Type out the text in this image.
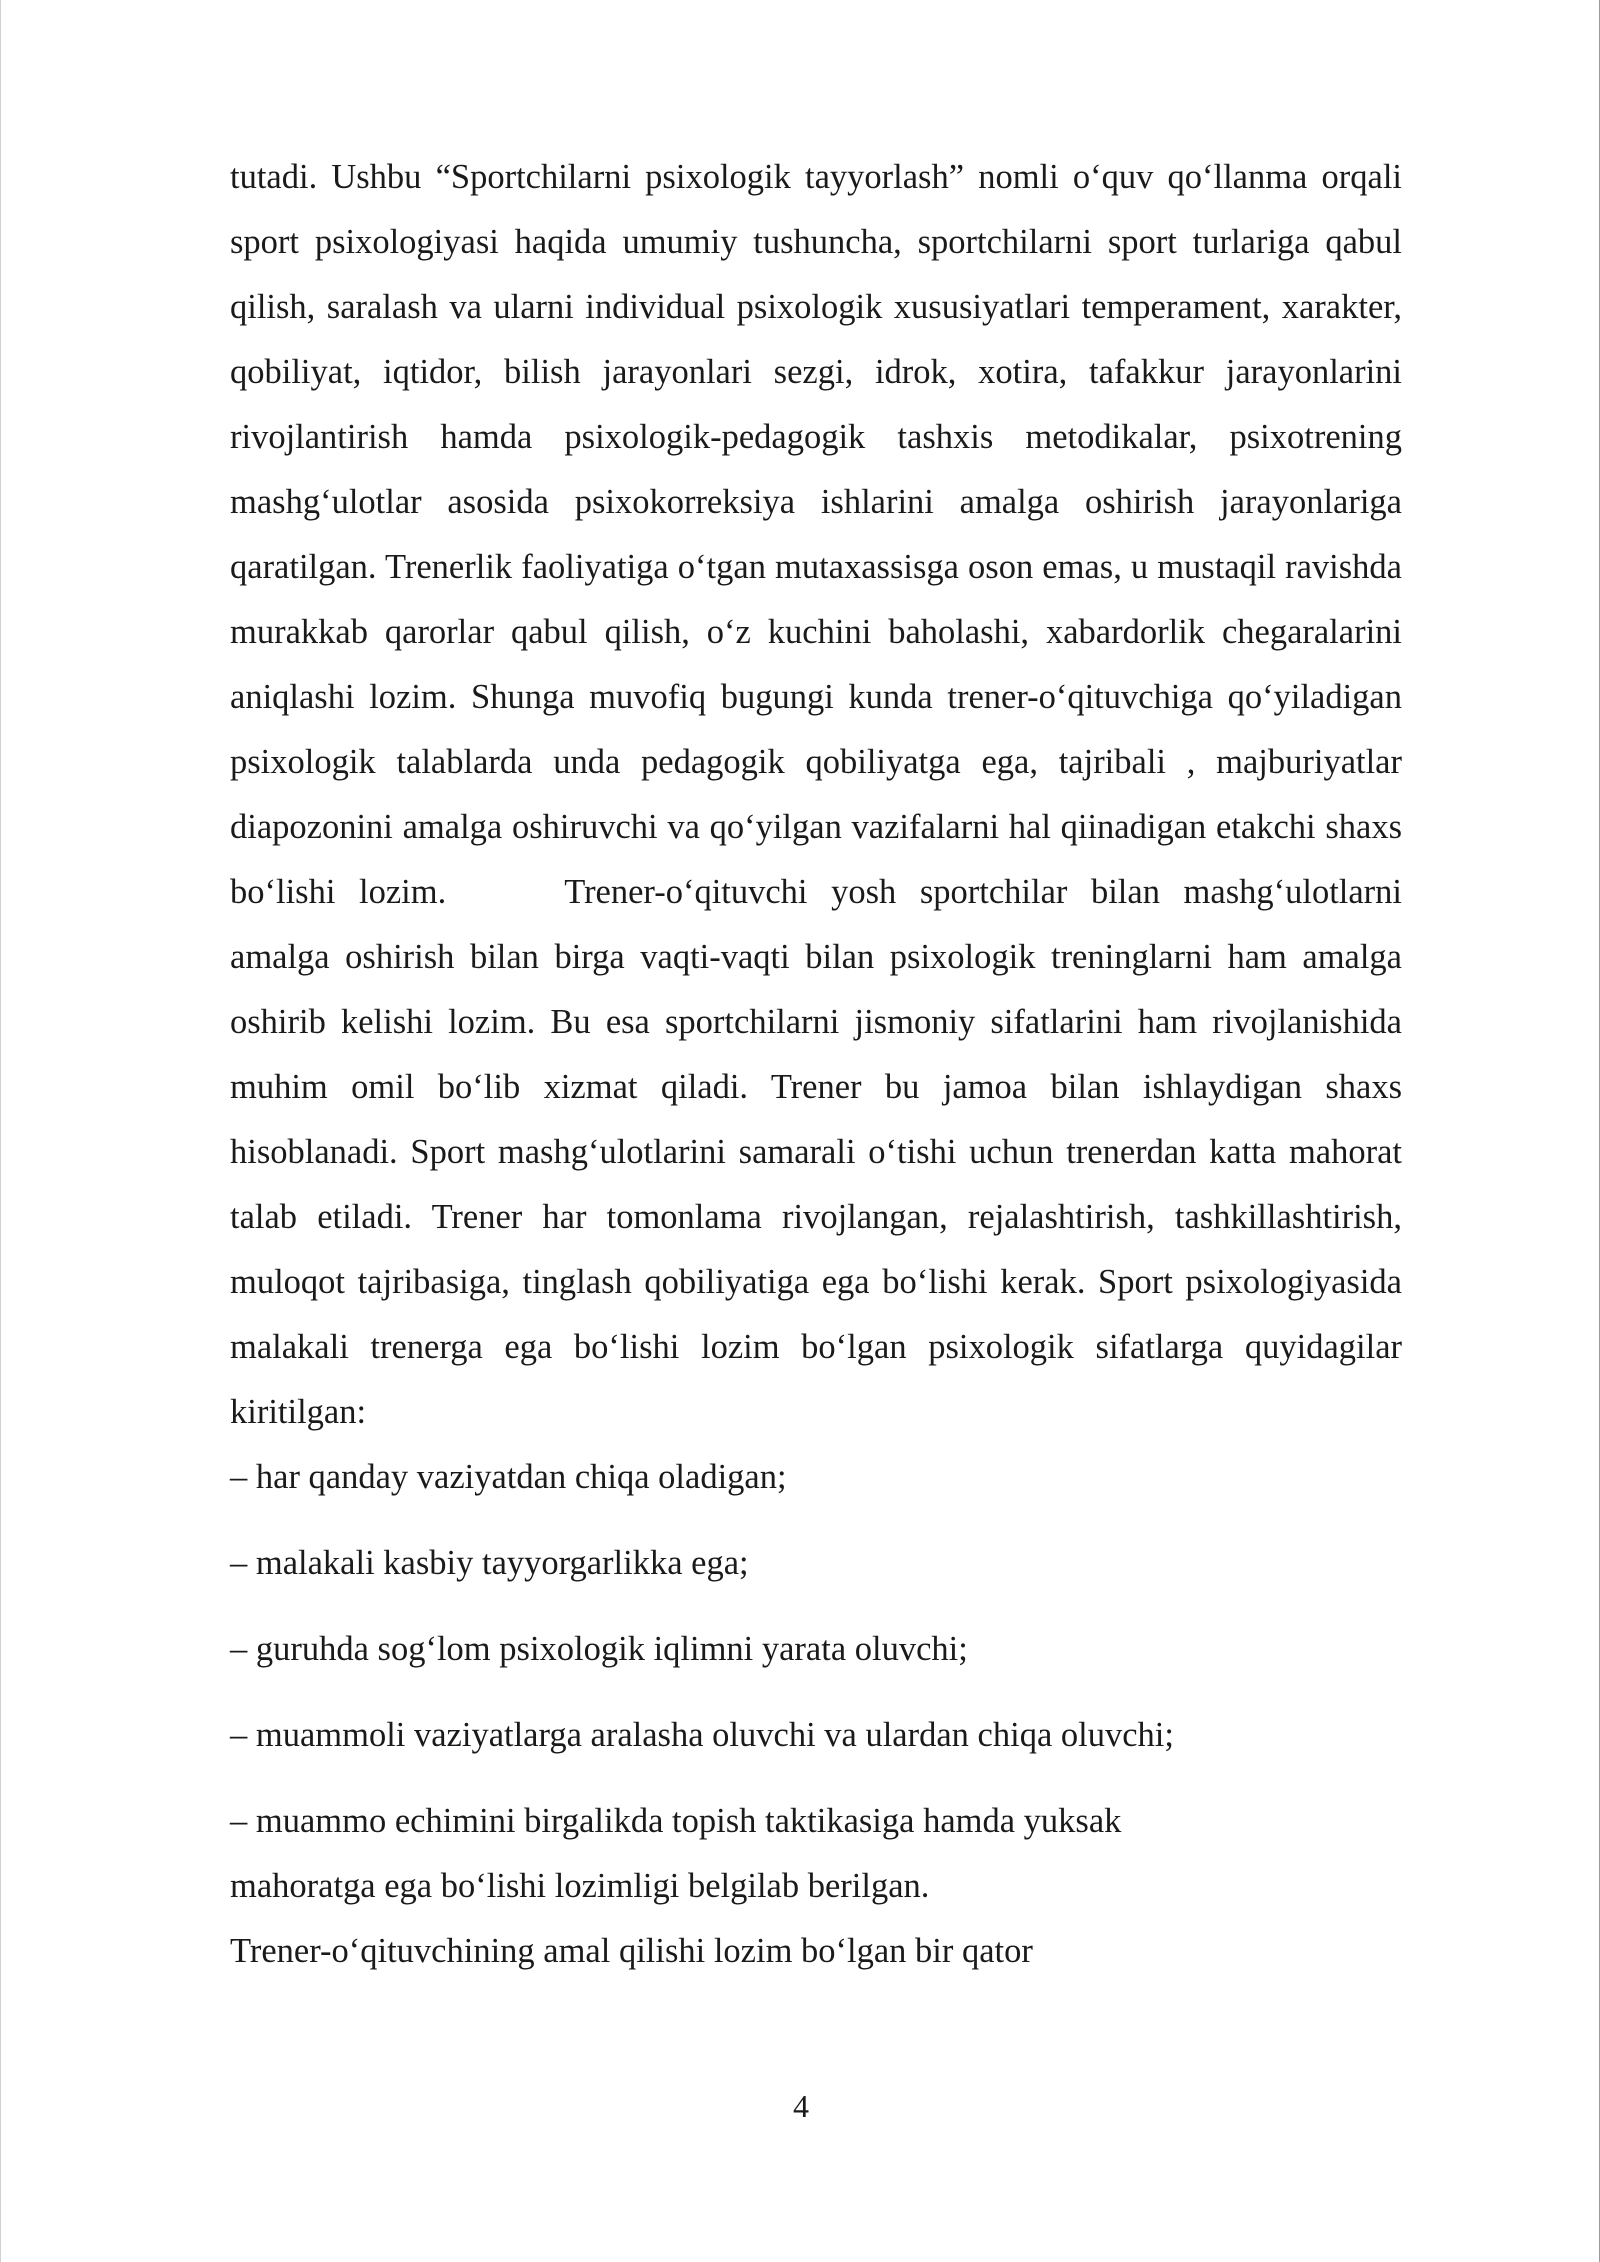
tutadi. Ushbu “Sportchilarni psixologik tayyorlash” nomli o‘quv qo‘llanma orqali sport psixologiyasi haqida umumiy tushuncha, sportchilarni sport turlariga qabul qilish, saralash va ularni individual psixologik xususiyatlari temperament, xarakter, qobiliyat, iqtidor, bilish jarayonlari sezgi, idrok, xotira, tafakkur jarayonlarini rivojlantirish hamda psixologik-pedagogik tashxis metodikalar, psixotrening mashg‘ulotlar asosida psixokorreksiya ishlarini amalga oshirish jarayonlariga qaratilgan. Trenerlik faoliyatiga o‘tgan mutaxassisga oson emas, u mustaqil ravishda murakkab qarorlar qabul qilish, o‘z kuchini baholashi, xabardorlik chegaralarini aniqlashi lozim. Shunga muvofiq bugungi kunda trener-o‘qituvchiga qo‘yiladigan psixologik talablarda unda pedagogik qobiliyatga ega, tajribali , majburiyatlar diapozonini amalga oshiruvchi va qo‘yilgan vazifalarni hal qiinadigan etakchi shaxs bo‘lishi lozim.	Trener-o‘qituvchi yosh sportchilar bilan mashg‘ulotlarni amalga oshirish bilan birga vaqti-vaqti bilan psixologik treninglarni ham amalga oshirib kelishi lozim. Bu esa sportchilarni jismoniy sifatlarini ham rivojlanishida muhim omil bo‘lib xizmat qiladi. Trener bu jamoa bilan ishlaydigan shaxs hisoblanadi. Sport mashg‘ulotlarini samarali o‘tishi uchun trenerdan katta mahorat talab etiladi. Trener har tomonlama rivojlangan, rejalashtirish, tashkillashtirish, muloqot tajribasiga, tinglash qobiliyatiga ega bo‘lishi kerak. Sport psixologiyasida malakali trenerga ega bo‘lishi lozim bo‘lgan psixologik sifatlarga quyidagilar kiritilgan:

– har qanday vaziyatdan chiqa oladigan;
– malakali kasbiy tayyorgarlikka ega;
– guruhda sog‘lom psixologik iqlimni yarata oluvchi;
– muammoli vaziyatlarga aralasha oluvchi va ulardan chiqa oluvchi;
– muammo echimini birgalikda topish taktikasiga hamda yuksak

mahoratga ega bo‘lishi lozimligi belgilab berilgan.

Trener-o‘qituvchining amal qilishi lozim bo‘lgan bir qator

4
